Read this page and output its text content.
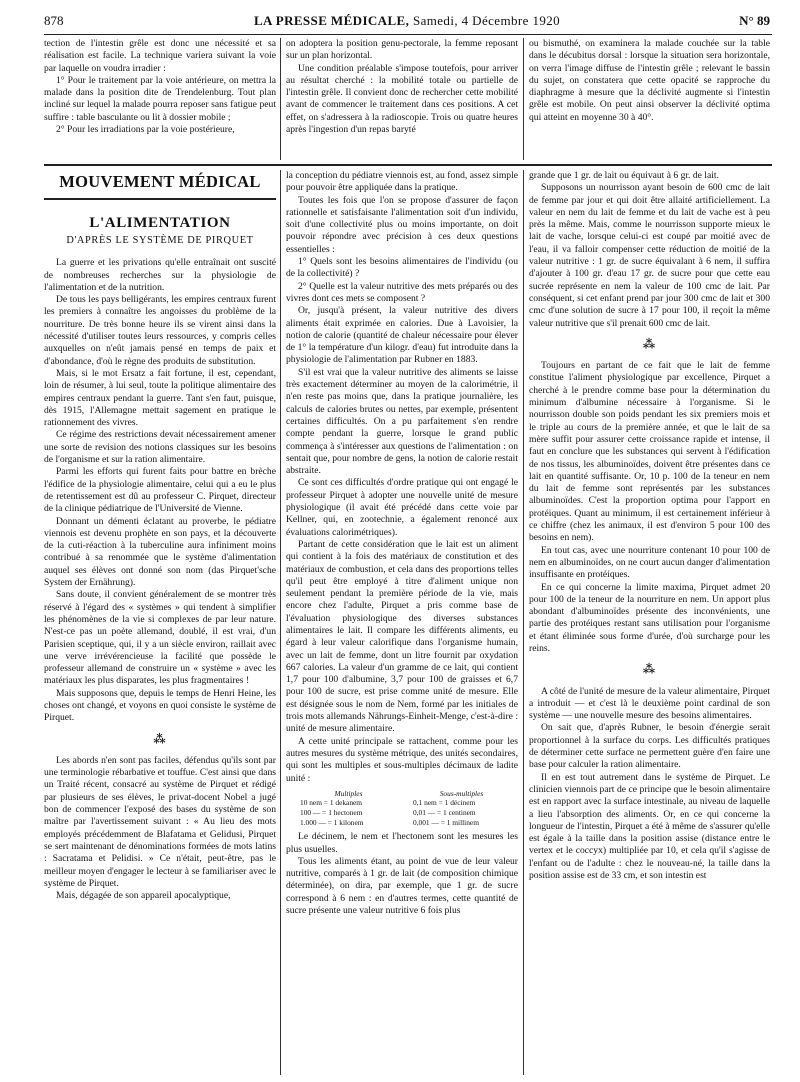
878	LA PRESSE MÉDICALE, Samedi, 4 Décembre 1920	N° 89

tection de l'intestin grêle est donc une nécessité et sa réalisation est facile. La technique variera suivant la voie par laquelle on voudra irradier :

1° Pour le traitement par la voie antérieure, on mettra la malade dans la position dite de Trendelenburg. Tout plan incliné sur lequel la malade pourra reposer sans fatigue peut suffire : table basculante ou lit à dossier mobile ;

2° Pour les irradiations par la voie postérieure,

on adoptera la position genu-pectorale, la femme reposant sur un plan horizontal.

Une condition préalable s'impose toutefois, pour arriver au résultat cherché : la mobilité totale ou partielle de l'intestin grêle. Il convient donc de rechercher cette mobilité avant de commencer le traitement dans ces positions. A cet effet, on s'adressera à la radioscopie. Trois ou quatre heures après l'ingestion d'un repas baryté

ou bismuthé, on examinera la malade couchée sur la table dans le décubitus dorsal : lorsque la situation sera horizontale, on verra l'image diffuse de l'intestin grêle ; relevant le bassin du sujet, on constatera que cette opacité se rapproche du diaphragme à mesure que la déclivité augmente si l'intestin grêle est mobile. On peut ainsi observer la déclivité optima qui atteint en moyenne 30 à 40°.

MOUVEMENT MÉDICAL
L'ALIMENTATION
D'APRÈS LE SYSTÈME DE PIRQUET

La guerre et les privations qu'elle entraînait ont suscité de nombreuses recherches sur la physiologie de l'alimentation et de la nutrition.

De tous les pays belligérants, les empires centraux furent les premiers à connaître les angoisses du problème de la nourriture. De très bonne heure ils se virent ainsi dans la nécessité d'utiliser toutes leurs ressources, y compris celles auxquelles on n'eût jamais pensé en temps de paix et d'abondance, d'où le règne des produits de substitution.

Mais, si le mot Ersatz a fait fortune, il est, cependant, loin de résumer, à lui seul, toute la politique alimentaire des empires centraux pendant la guerre. Tant s'en faut, puisque, dès 1915, l'Allemagne mettait sagement en pratique le rationnement des vivres.

Ce régime des restrictions devait nécessairement amener une sorte de revision des notions classiques sur les besoins de l'organisme et sur la ration alimentaire.

Parmi les efforts qui furent faits pour battre en brèche l'édifice de la physiologie alimentaire, celui qui a eu le plus de retentissement est dû au professeur C. Pirquet, directeur de la clinique pédiatrique de l'Université de Vienne.

Donnant un démenti éclatant au proverbe, le pédiatre viennois est devenu prophète en son pays, et la découverte de la cuti-réaction à la tuberculine aura infiniment moins contribué à sa renommée que le système d'alimentation auquel ses élèves ont donné son nom (das Pirquet'sche System der Ernährung).

Sans doute, il convient généralement de se montrer très réservé à l'égard des « systèmes » qui tendent à simplifier les phénomènes de la vie si complexes de par leur nature. N'est-ce pas un poète allemand, doublé, il est vrai, d'un Parisien sceptique, qui, il y a un siècle environ, raillait avec une verve irrévérencieuse la facilité que possède le professeur allemand de construire un « système » avec les matériaux les plus disparates, les plus fragmentaires !

Mais supposons que, depuis le temps de Henri Heine, les choses ont changé, et voyons en quoi consiste le système de Pirquet.

⁂

Les abords n'en sont pas faciles, défendus qu'ils sont par une terminologie rébarbative et touffue. C'est ainsi que dans un Traité récent, consacré au système de Pirquet et rédigé par plusieurs de ses élèves, le privat-docent Nobel a jugé bon de commencer l'exposé des bases du système de son maître par l'avertissement suivant : « Au lieu des mots employés précédemment de Blafatama et Gelidusi, Pirquet se sert maintenant de dénominations formées de mots latins : Sacratama et Pelidisi. » Ce n'était, peut-être, pas le meilleur moyen d'engager le lecteur à se familiariser avec le système de Pirquet.

Mais, dégagée de son appareil apocalyptique,

la conception du pédiatre viennois est, au fond, assez simple pour pouvoir être appliquée dans la pratique.

Toutes les fois que l'on se propose d'assurer de façon rationnelle et satisfaisante l'alimentation soit d'un individu, soit d'une collectivité plus ou moins importante, on doit pouvoir répondre avec précision à ces deux questions essentielles :

1° Quels sont les besoins alimentaires de l'individu (ou de la collectivité) ?

2° Quelle est la valeur nutritive des mets préparés ou des vivres dont ces mets se composent ?

Or, jusqu'à présent, la valeur nutritive des divers aliments était exprimée en calories. Due à Lavoisier, la notion de calorie (quantité de chaleur nécessaire pour élever de 1° la température d'un kilogr. d'eau) fut introduite dans la physiologie de l'alimentation par Rubner en 1883.

S'il est vrai que la valeur nutritive des aliments se laisse très exactement déterminer au moyen de la calorimétrie, il n'en reste pas moins que, dans la pratique journalière, les calculs de calories brutes ou nettes, par exemple, présentent certaines difficultés. On a pu parfaitement s'en rendre compte pendant la guerre, lorsque le grand public commença à s'intéresser aux questions de l'alimentation : on sentait que, pour nombre de gens, la notion de calorie restait abstraite.

Ce sont ces difficultés d'ordre pratique qui ont engagé le professeur Pirquet à adopter une nouvelle unité de mesure physiologique (il avait été précédé dans cette voie par Kellner, qui, en zootechnie, a également renoncé aux évaluations calorimétriques).

Partant de cette considération que le lait est un aliment qui contient à la fois des matériaux de constitution et des matériaux de combustion, et cela dans des proportions telles qu'il peut être employé à titre d'aliment unique non seulement pendant la première période de la vie, mais encore chez l'adulte, Pirquet a pris comme base de l'évaluation physiologique des diverses substances alimentaires le lait. Il compare les différents aliments, eu égard à leur valeur calorifique dans l'organisme humain, avec un lait de femme, dont un litre fournit par oxydation 667 calories. La valeur d'un gramme de ce lait, qui contient 1,7 pour 100 d'albumine, 3,7 pour 100 de graisses et 6,7 pour 100 de sucre, est prise comme unité de mesure. Elle est désignée sous le nom de Nem, formé par les initiales de trois mots allemands Nährungs-Einheit-Menge, c'est-à-dire : unité de mesure alimentaire.

A cette unité principale se rattachent, comme pour les autres mesures du système métrique, des unités secondaires, qui sont les multiples et sous-multiples décimaux de ladite unité :

Multiples	Sous-multiples
10 nem = 1 dekanem	0,1 nem = 1 décinem
100 — = 1 hectonem	0,01 — = 1 centinem
1.000 — = 1 kilonem	0,001 — = 1 millinem

Le décinem, le nem et l'hectonem sont les mesures les plus usuelles.

Tous les aliments étant, au point de vue de leur valeur nutritive, comparés à 1 gr. de lait (de composition chimique déterminée), on dira, par exemple, que 1 gr. de sucre correspond à 6 nem : en d'autres termes, cette quantité de sucre présente une valeur nutritive 6 fois plus

grande que 1 gr. de lait ou équivaut à 6 gr. de lait.

Supposons un nourrisson ayant besoin de 600 cmc de lait de femme par jour et qui doit être allaité artificiellement. La valeur en nem du lait de femme et du lait de vache est à peu près la même. Mais, comme le nourrisson supporte mieux le lait de vache, lorsque celui-ci est coupé par moitié avec de l'eau, il va falloir compenser cette réduction de moitié de la valeur nutritive : 1 gr. de sucre équivalant à 6 nem, il suffira d'ajouter à 100 gr. d'eau 17 gr. de sucre pour que cette eau sucrée représente en nem la valeur de 100 cmc de lait. Par conséquent, si cet enfant prend par jour 300 cmc de lait et 300 cmc d'une solution de sucre à 17 pour 100, il reçoit la même valeur nutritive que s'il prenait 600 cmc de lait.

⁂

Toujours en partant de ce fait que le lait de femme constitue l'aliment physiologique par excellence, Pirquet a cherché à le prendre comme base pour la détermination du minimum d'albumine nécessaire à l'organisme. Si le nourrisson double son poids pendant les six premiers mois et le triple au cours de la première année, et que le lait de sa mère suffit pour assurer cette croissance rapide et intense, il faut en conclure que les substances qui servent à l'édification de nos tissus, les albuminoïdes, doivent être présentes dans ce lait en quantité suffisante. Or, 10 p. 100 de la teneur en nem du lait de femme sont représentés par les substances albuminoïdes. C'est la proportion optima pour l'apport en protéiques. Quant au minimum, il est certainement inférieur à ce chiffre (chez les animaux, il est d'environ 5 pour 100 des besoins en nem).

En tout cas, avec une nourriture contenant 10 pour 100 de nem en albuminoïdes, on ne court aucun danger d'alimentation insuffisante en protéiques.

En ce qui concerne la limite maxima, Pirquet admet 20 pour 100 de la teneur de la nourriture en nem. Un apport plus abondant d'albuminoïdes présente des inconvénients, une partie des protéiques restant sans utilisation pour l'organisme et étant éliminée sous forme d'urée, d'où surcharge pour les reins.

⁂

A côté de l'unité de mesure de la valeur alimentaire, Pirquet a introduit — et c'est là le deuxième point cardinal de son système — une nouvelle mesure des besoins alimentaires.

On sait que, d'après Rubner, le besoin d'énergie serait proportionnel à la surface du corps. Les difficultés pratiques de déterminer cette surface ne permettent guère d'en faire une base pour calculer la ration alimentaire.

Il en est tout autrement dans le système de Pirquet. Le clinicien viennois part de ce principe que le besoin alimentaire est en rapport avec la surface intestinale, au niveau de laquelle a lieu l'absorption des aliments. Or, en ce qui concerne la longueur de l'intestin, Pirquet a été à même de s'assurer qu'elle est égale à la taille dans la position assise (distance entre le vertex et le coccyx) multipliée par 10, et cela qu'il s'agisse de l'enfant ou de l'adulte : chez le nouveau-né, la taille dans la position assise est de 33 cm, et son intestin est
